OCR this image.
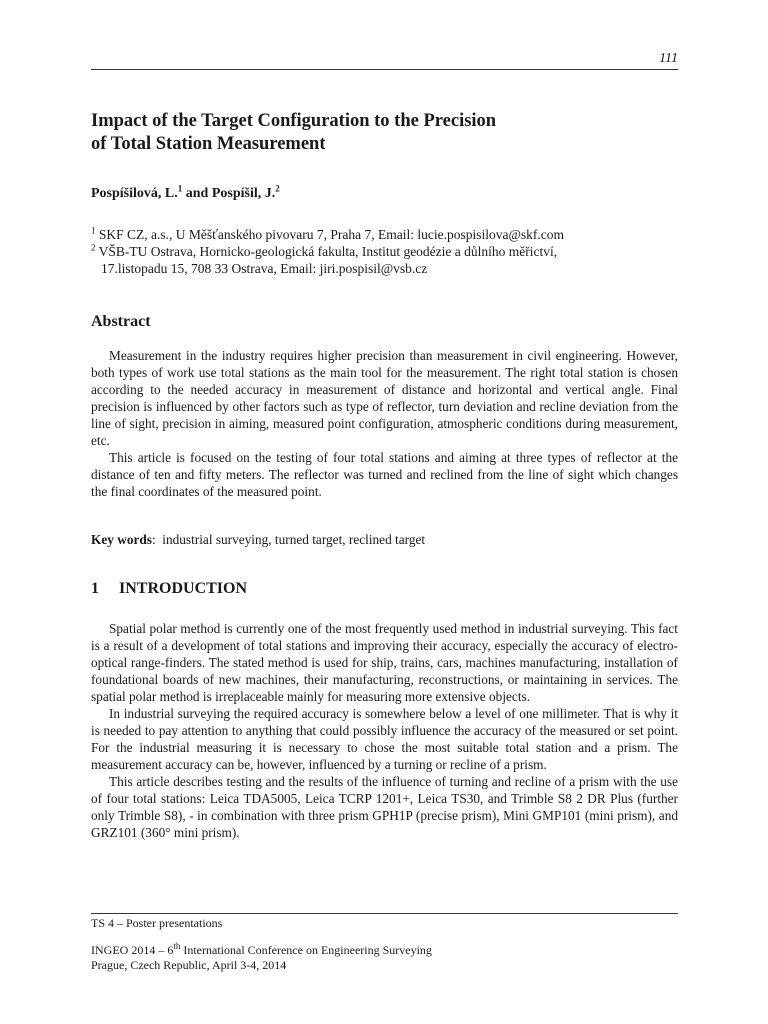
111
Impact of the Target Configuration to the Precision
of Total Station Measurement
Pospíšilová, L.$^1$ and Pospíšil, J.$^2$
$^1$ SKF CZ, a.s., U Měšťanského pivovaru 7, Praha 7, Email: lucie.pospisilova@skf.com
$^2$ VŠB-TU Ostrava, Hornicko-geologická fakulta, Institut geodézie a důlního měřictví,
17.listopadu 15, 708 33 Ostrava, Email: jiri.pospisil@vsb.cz
Abstract

Measurement in the industry requires higher precision than measurement in civil engineering. However, both types of work use total stations as the main tool for the measurement. The right total station is chosen according to the needed accuracy in measurement of distance and horizontal and vertical angle. Final precision is influenced by other factors such as type of reflector, turn deviation and recline deviation from the line of sight, precision in aiming, measured point configuration, atmospheric conditions during measurement, etc.

This article is focused on the testing of four total stations and aiming at three types of reflector at the distance of ten and fifty meters. The reflector was turned and reclined from the line of sight which changes the final coordinates of the measured point.

Key words:  industrial surveying, turned target, reclined target
1 INTRODUCTION

Spatial polar method is currently one of the most frequently used method in industrial surveying. This fact is a result of a development of total stations and improving their accuracy, especially the accuracy of electro-optical range-finders. The stated method is used for ship, trains, cars, machines manufacturing, installation of foundational boards of new machines, their manufacturing, reconstructions, or maintaining in services. The spatial polar method is irreplaceable mainly for measuring more extensive objects.

In industrial surveying the required accuracy is somewhere below a level of one millimeter. That is why it is needed to pay attention to anything that could possibly influence the accuracy of the measured or set point. For the industrial measuring it is necessary to chose the most suitable total station and a prism. The measurement accuracy can be, however, influenced by a turning or recline of a prism.

This article describes testing and the results of the influence of turning and recline of a prism with the use of four total stations: Leica TDA5005, Leica TCRP 1201+, Leica TS30, and Trimble S8 2 DR Plus (further only Trimble S8), - in combination with three prism GPH1P (precise prism), Mini GMP101 (mini prism), and GRZ101 (360° mini prism).

TS 4 – Poster presentations
INGEO 2014 – 6th International Conference on Engineering Surveying
Prague, Czech Republic, April 3-4, 2014
